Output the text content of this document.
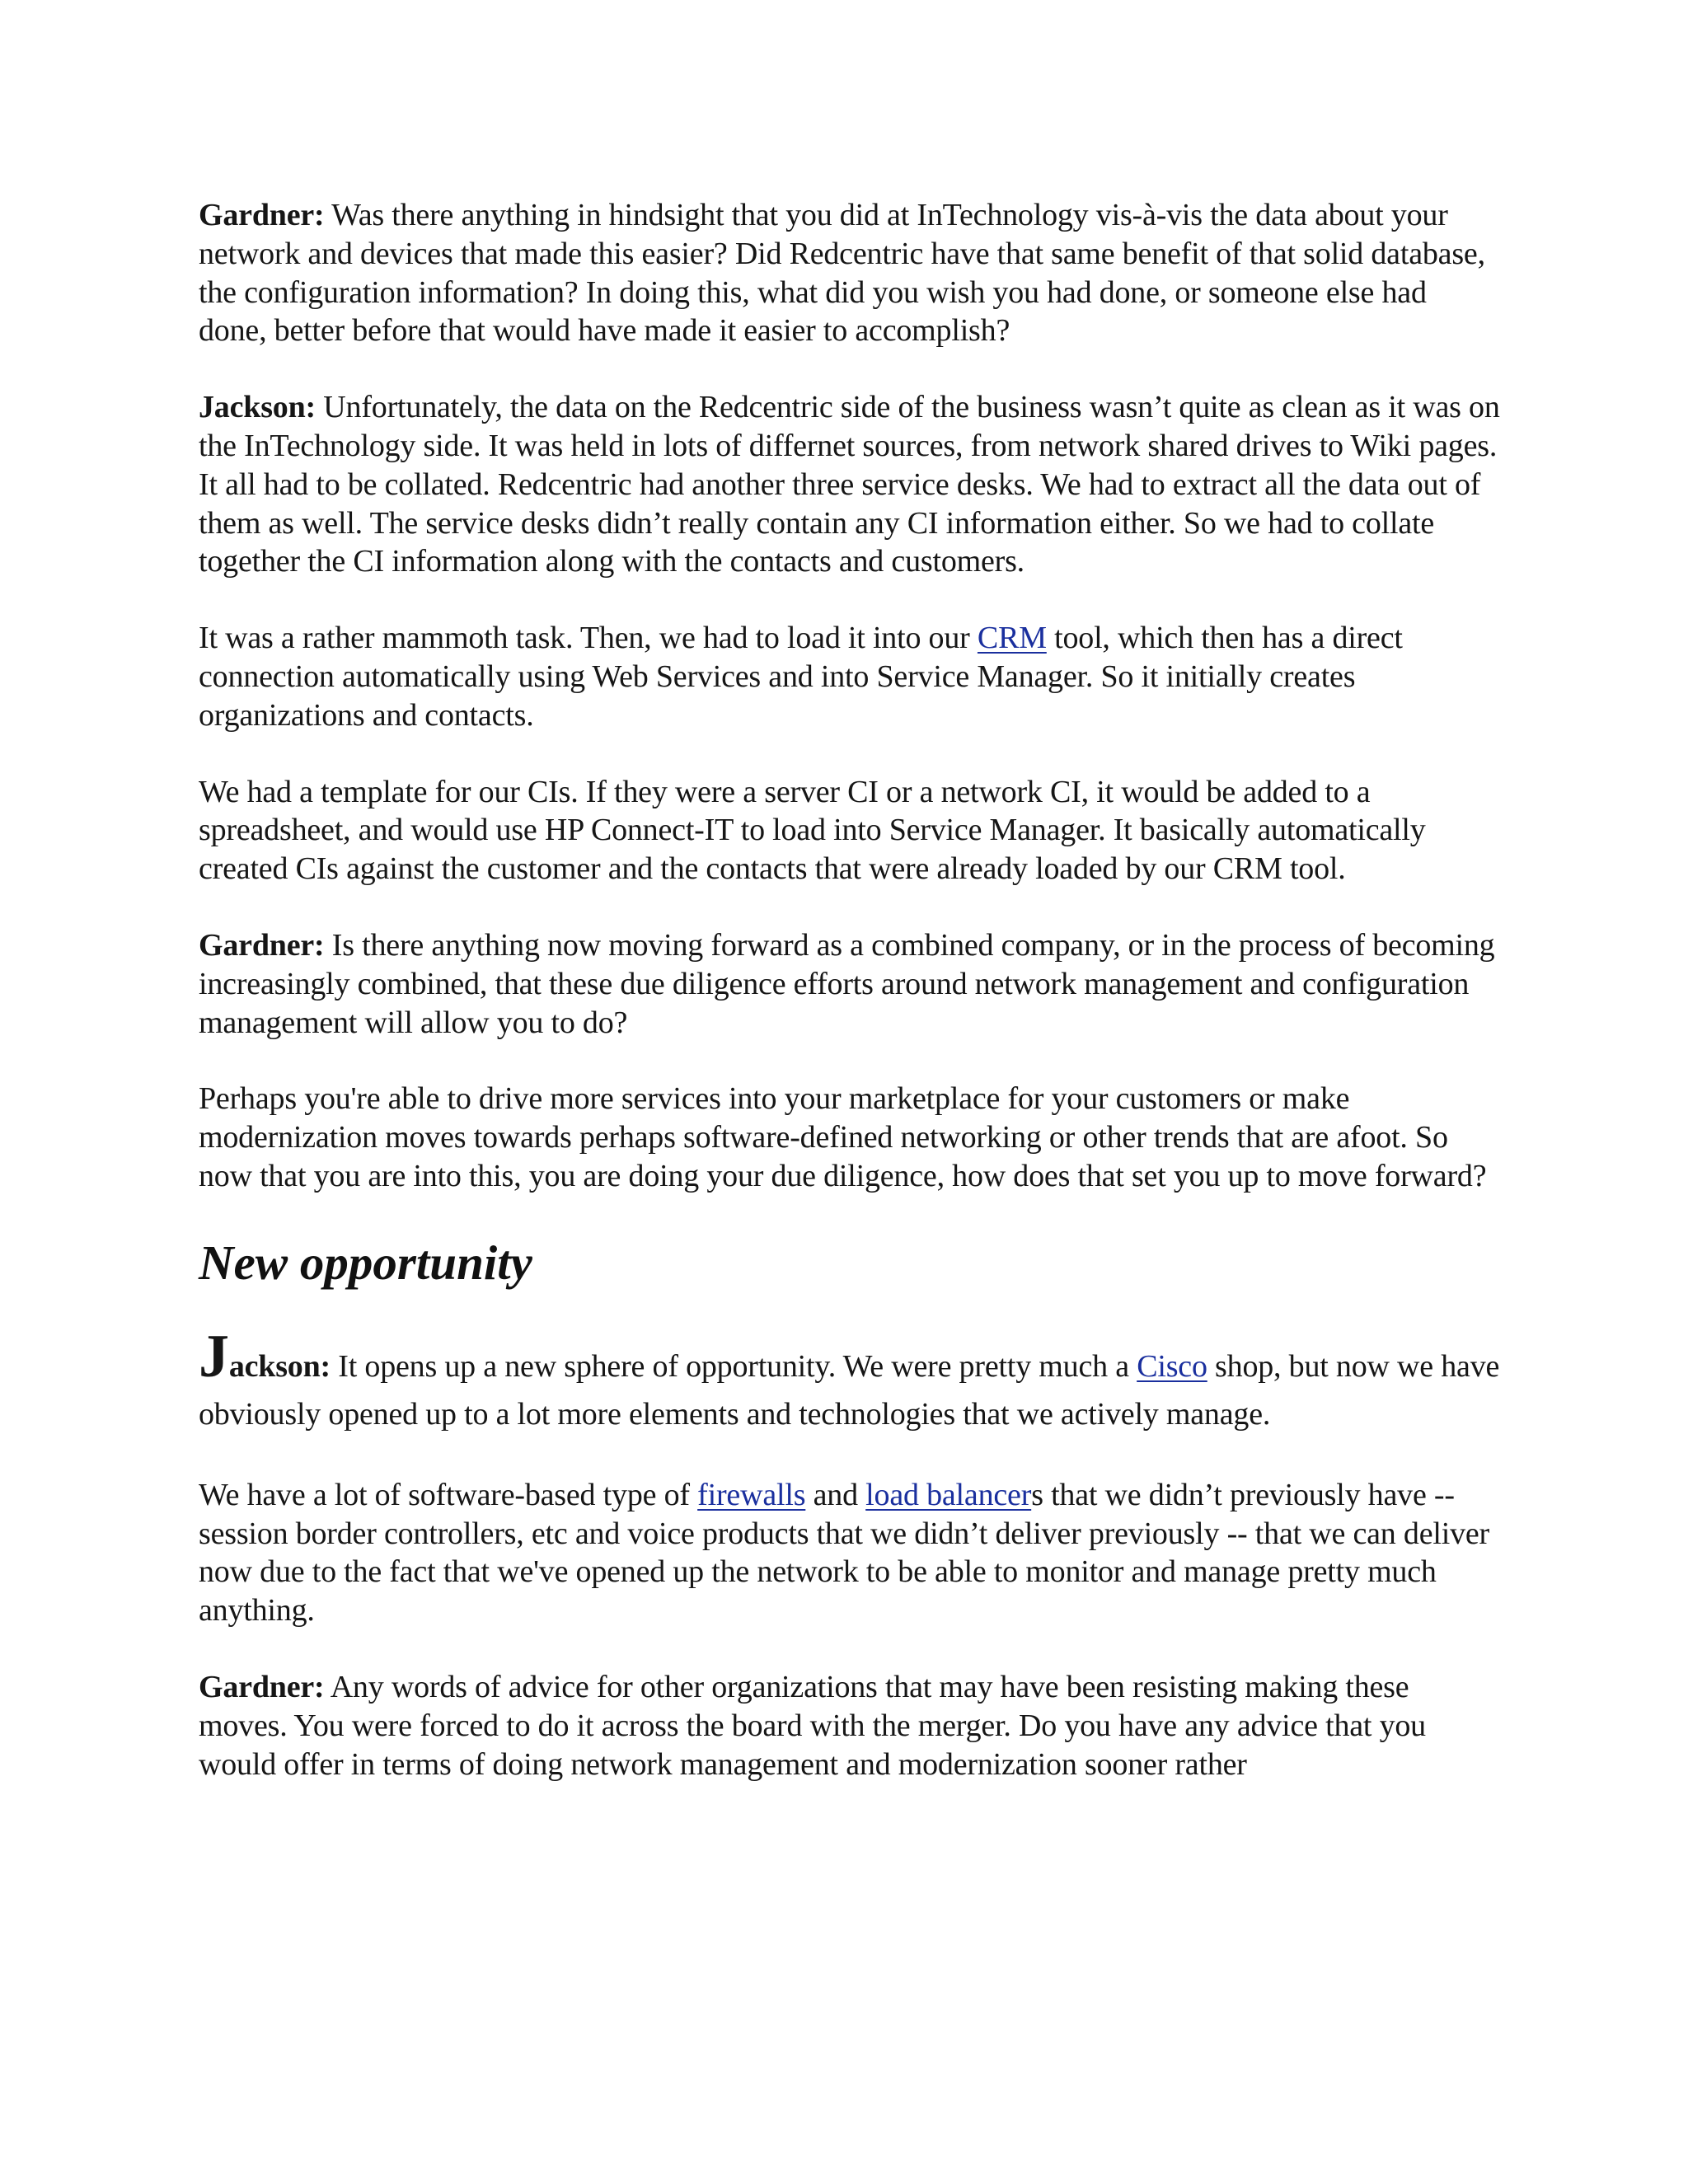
Gardner: Was there anything in hindsight that you did at InTechnology vis-à-vis the data about your network and devices that made this easier? Did Redcentric have that same benefit of that solid database, the configuration information? In doing this, what did you wish you had done, or someone else had done, better before that would have made it easier to accomplish?

Jackson: Unfortunately, the data on the Redcentric side of the business wasn’t quite as clean as it was on the InTechnology side. It was held in lots of differnet sources, from network shared drives to Wiki pages. It all had to be collated. Redcentric had another three service desks. We had to extract all the data out of them as well. The service desks didn’t really contain any CI information either. So we had to collate together the CI information along with the contacts and customers.

It was a rather mammoth task. Then, we had to load it into our CRM tool, which then has a direct connection automatically using Web Services and into Service Manager. So it initially creates organizations and contacts.

We had a template for our CIs. If they were a server CI or a network CI, it would be added to a spreadsheet, and would use HP Connect-IT to load into Service Manager. It basically automatically created CIs against the customer and the contacts that were already loaded by our CRM tool.

Gardner: Is there anything now moving forward as a combined company, or in the process of becoming increasingly combined, that these due diligence efforts around network management and configuration management will allow you to do?

Perhaps you're able to drive more services into your marketplace for your customers or make modernization moves towards perhaps software-defined networking or other trends that are afoot. So now that you are into this, you are doing your due diligence, how does that set you up to move forward?

New opportunity

Jackson: It opens up a new sphere of opportunity. We were pretty much a Cisco shop, but now we have obviously opened up to a lot more elements and technologies that we actively manage.

We have a lot of software-based type of firewalls and load balancers that we didn’t previously have -- session border controllers, etc and voice products that we didn’t deliver previously -- that we can deliver now due to the fact that we've opened up the network to be able to monitor and manage pretty much anything.

Gardner: Any words of advice for other organizations that may have been resisting making these moves. You were forced to do it across the board with the merger. Do you have any advice that you would offer in terms of doing network management and modernization sooner rather
